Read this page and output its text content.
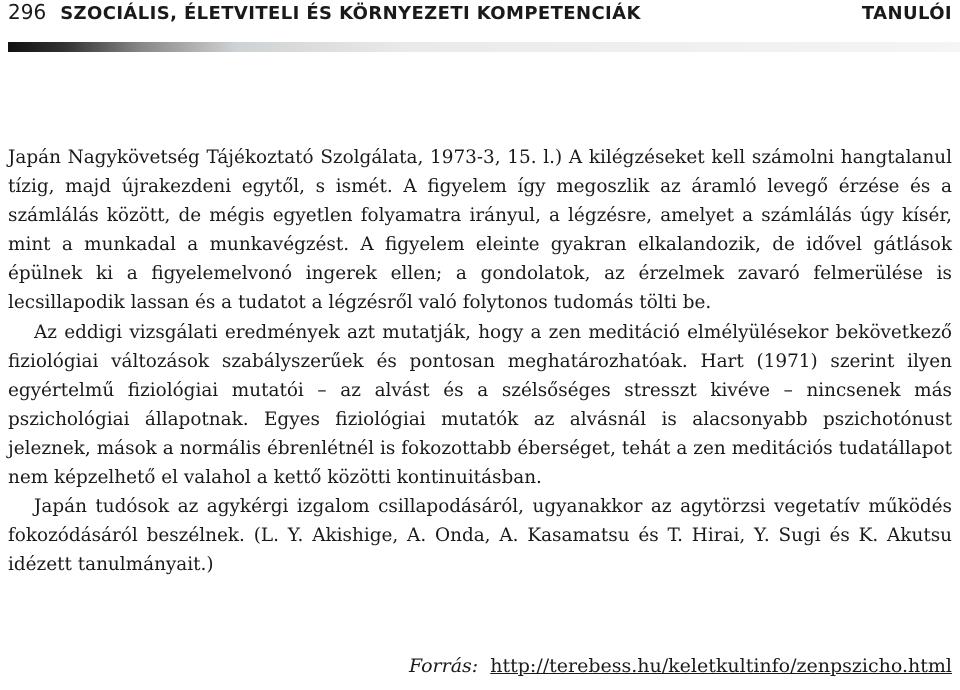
296 SZOCIÁLIS, ÉLETVITELI ÉS KÖRNYEZETI KOMPETENCIÁK	TANULÓI

Japán Nagykövetség Tájékoztató Szolgálata, 1973-3, 15. l.) A kilégzéseket kell számolni hangtalanul tízig, majd újrakezdeni egytől, s ismét. A figyelem így megoszlik az áramló levegő érzése és a számlálás között, de mégis egyetlen folyamatra irányul, a légzésre, amelyet a számlálás úgy kísér, mint a munkadal a munkavégzést. A figyelem eleinte gyakran elkalandozik, de idővel gátlások épülnek ki a figyelemelvonó ingerek ellen; a gondolatok, az érzelmek zavaró felmerülése is lecsillapodik lassan és a tudatot a légzésről való folytonos tudomás tölti be.

Az eddigi vizsgálati eredmények azt mutatják, hogy a zen meditáció elmélyülésekor bekövetkező fiziológiai változások szabályszerűek és pontosan meghatározhatóak. Hart (1971) szerint ilyen egyértelmű fiziológiai mutatói – az alvást és a szélsőséges stresszt kivéve – nincsenek más pszichológiai állapotnak. Egyes fiziológiai mutatók az alvásnál is alacsonyabb pszichotónust jeleznek, mások a normális ébrenlétnél is fokozottabb éberséget, tehát a zen meditációs tudatállapot nem képzelhető el valahol a kettő közötti kontinuitásban.

Japán tudósok az agykérgi izgalom csillapodásáról, ugyanakkor az agytörzsi vegetatív működés fokozódásáról beszélnek. (L. Y. Akishige, A. Onda, A. Kasamatsu és T. Hirai, Y. Sugi és K. Akutsu idézett tanulmányait.)

Forrás: http://terebess.hu/keletkultinfo/zenpszicho.html
